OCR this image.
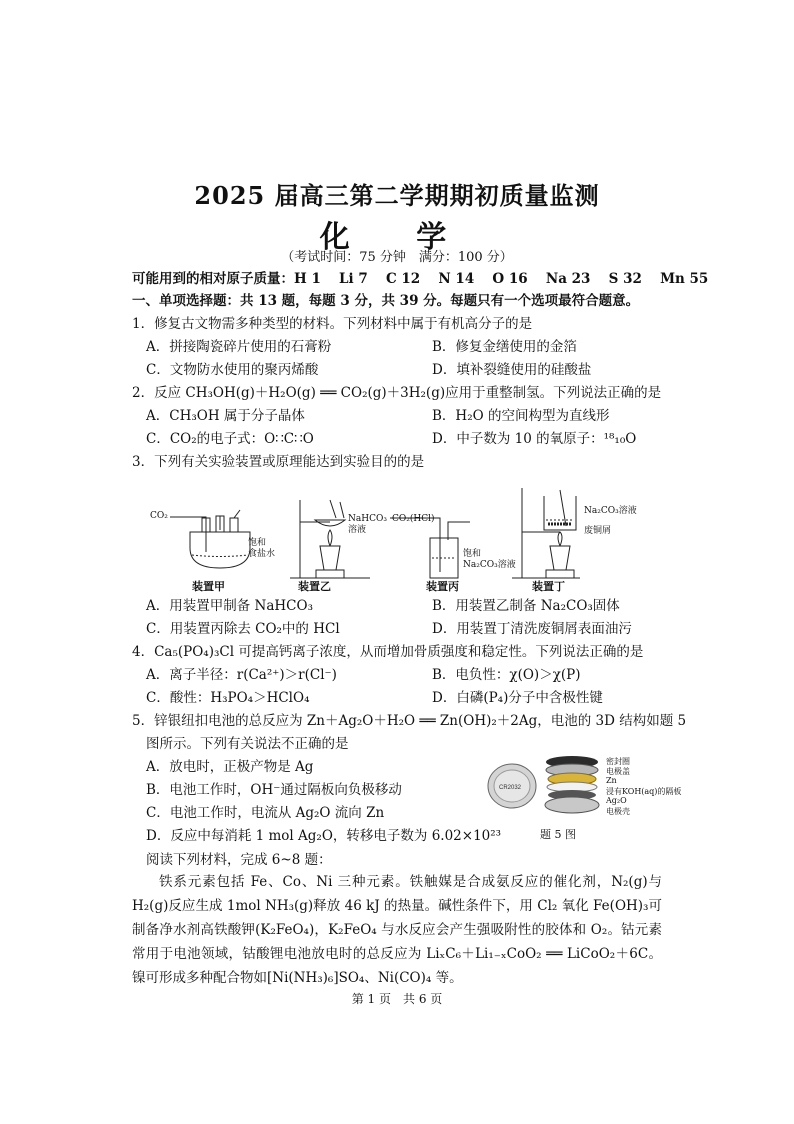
2025 届高三第二学期期初质量监测
化 学
（考试时间：75 分钟　满分：100 分）
可能用到的相对原子质量：H 1　 Li 7　 C 12　 N 14　 O 16　 Na 23　 S 32　 Mn 55
一、单项选择题：共 13 题，每题 3 分，共 39 分。每题只有一个选项最符合题意。
1．修复古文物需多种类型的材料。下列材料中属于有机高分子的是
A．拼接陶瓷碎片使用的石膏粉	B．修复金缮使用的金箔
C．文物防水使用的聚丙烯酸	D．填补裂缝使用的硅酸盐
2．反应 CH₃OH(g)＋H₂O(g) ══ CO₂(g)＋3H₂(g)应用于重整制氢。下列说法正确的是
A．CH₃OH 属于分子晶体	B．H₂O 的空间构型为直线形
C．CO₂的电子式：O∷C∷O	D．中子数为 10 的氧原子：¹⁸₁₀O
3．下列有关实验装置或原理能达到实验目的的是
CO₂
饱和
食盐水
NaHCO₃
溶液
CO₂(HCl)
饱和
Na₂CO₃溶液
Na₂CO₃溶液
废铜屑
装置甲	装置乙	装置丙	装置丁
A．用装置甲制备 NaHCO₃	B．用装置乙制备 Na₂CO₃固体
C．用装置丙除去 CO₂中的 HCl	D．用装置丁清洗废铜屑表面油污
4．Ca₅(PO₄)₃Cl 可提高钙离子浓度，从而增加骨质强度和稳定性。下列说法正确的是
A．离子半径：r(Ca²⁺)＞r(Cl⁻)	B．电负性：χ(O)＞χ(P)
C．酸性：H₃PO₄＞HClO₄	D．白磷(P₄)分子中含极性键
5．锌银纽扣电池的总反应为 Zn＋Ag₂O＋H₂O ══ Zn(OH)₂＋2Ag，电池的 3D 结构如题 5
图所示。下列有关说法不正确的是
A．放电时，正极产物是 Ag
B．电池工作时，OH⁻通过隔板向负极移动
C．电池工作时，电流从 Ag₂O 流向 Zn
D．反应中每消耗 1 mol Ag₂O，转移电子数为 6.02×10²³
CR2032
密封圈
电极盖
Zn
浸有KOH(aq)的隔板
Ag₂O
电极壳
题 5 图
阅读下列材料，完成 6~8 题：
铁系元素包括 Fe、Co、Ni 三种元素。铁触媒是合成氨反应的催化剂，N₂(g)与 H₂(g)反应生成 1mol NH₃(g)释放 46 kJ 的热量。碱性条件下，用 Cl₂ 氧化 Fe(OH)₃可制备净水剂高铁酸钾(K₂FeO₄)，K₂FeO₄ 与水反应会产生强吸附性的胶体和 O₂。钴元素常用于电池领域，钴酸锂电池放电时的总反应为 LiₓC₆＋Li₁₋ₓCoO₂ ══ LiCoO₂＋6C。镍可形成多种配合物如[Ni(NH₃)₆]SO₄、Ni(CO)₄ 等。
第 1 页　共 6 页
